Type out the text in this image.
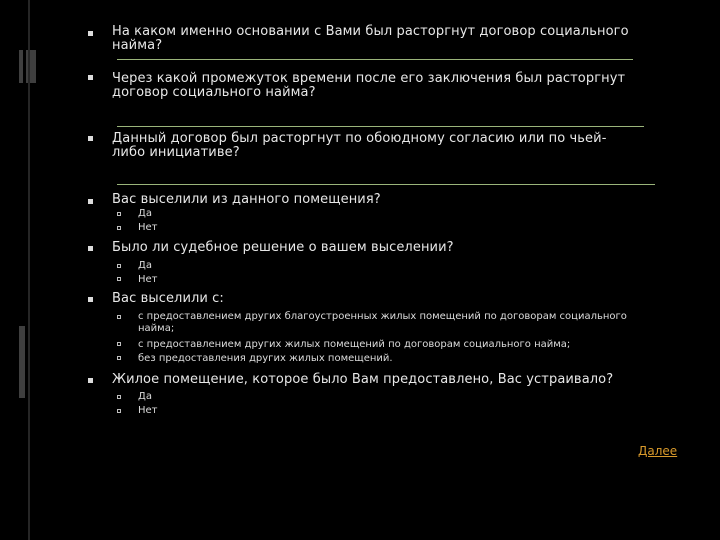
На каком именно основании с Вами был расторгнут договор социального найма?
Через какой промежуток времени после его заключения был расторгнут договор социального найма?
Данный договор был расторгнут по обоюдному согласию или по чьей-либо инициативе?
Вас выселили из данного помещения?
Да
Нет
Было ли судебное решение о вашем выселении?
Да
Нет
Вас выселили с:
с предоставлением других благоустроенных жилых помещений по договорам социального найма;
с предоставлением других жилых помещений по договорам социального найма;
без предоставления других жилых помещений.
Жилое помещение, которое было Вам предоставлено, Вас устраивало?
Да
Нет
Далее
